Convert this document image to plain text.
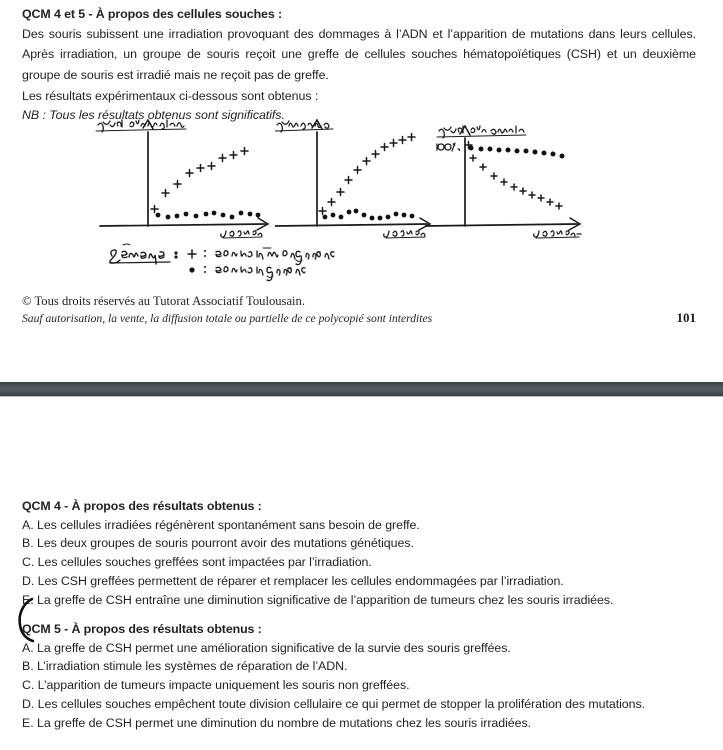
QCM 4 et 5 - À propos des cellules souches :
Des souris subissent une irradiation provoquant des dommages à l’ADN et l’apparition de mutations dans leurs cellules. Après irradiation, un groupe de souris reçoit une greffe de cellules souches hématopoïétiques (CSH) et un deuxième groupe de souris est irradié mais ne reçoit pas de greffe.
Les résultats expérimentaux ci-dessous sont obtenus :
NB : Tous les résultats obtenus sont significatifs.
© Tous droits réservés au Tutorat Associatif Toulousain.
Sauf autorisation, la vente, la diffusion totale ou partielle de ce polycopié sont interdites	101
QCM 4 - À propos des résultats obtenus :
A. Les cellules irradiées régénèrent spontanément sans besoin de greffe.
B. Les deux groupes de souris pourront avoir des mutations génétiques.
C. Les cellules souches greffées sont impactées par l’irradiation.
D. Les CSH greffées permettent de réparer et remplacer les cellules endommagées par l’irradiation.
E. La greffe de CSH entraîne une diminution significative de l’apparition de tumeurs chez les souris irradiées.
QCM 5 - À propos des résultats obtenus :
A. La greffe de CSH permet une amélioration significative de la survie des souris greffées.
B. L’irradiation stimule les systèmes de réparation de l’ADN.
C. L’apparition de tumeurs impacte uniquement les souris non greffées.
D. Les cellules souches empêchent toute division cellulaire ce qui permet de stopper la prolifération des mutations.
E. La greffe de CSH permet une diminution du nombre de mutations chez les souris irradiées.
